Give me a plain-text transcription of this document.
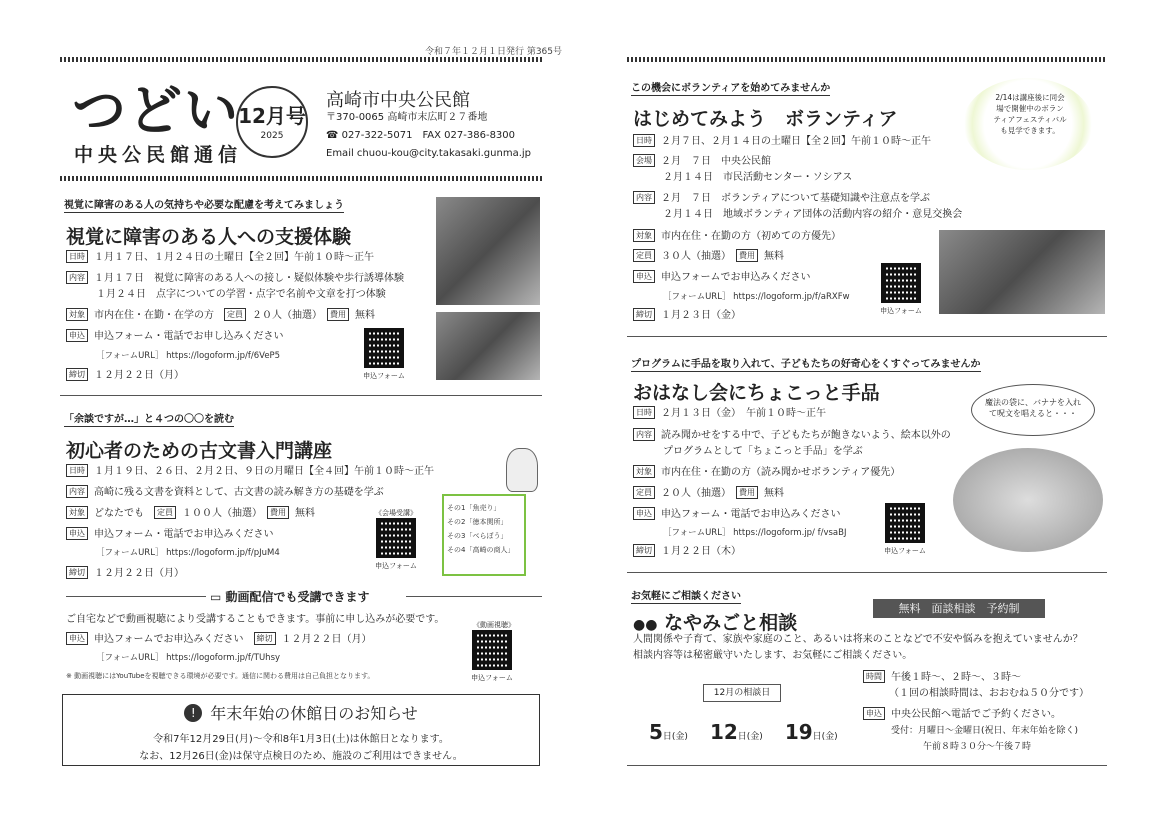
令和７年１２月１日発行 第365号
つどい
中央公民館通信
12月号
2025
高崎市中央公民館
〒370-0065 高崎市末広町２７番地
☎ 027-322-5071　FAX 027-386-8300
Email chuou-kou@city.takasaki.gunma.jp
視覚に障害のある人の気持ちや必要な配慮を考えてみましょう
視覚に障害のある人への支援体験
日時 １月１７日、１月２４日の土曜日【全２回】午前１０時～正午
内容 １月１７日　視覚に障害のある人への接し・疑似体験や歩行誘導体験
１月２４日　点字についての学習・点字で名前や文章を打つ体験
対象 市内在住・在勤・在学の方　 定員 ２０人（抽選）　 費用 無料
申込 申込フォーム・電話でお申し込みください
［フォームURL］ https://logoform.jp/f/6VeP5
申込フォーム
締切 １２月２２日（月）
「余談ですが…」と４つの〇〇を読む
初心者のための古文書入門講座
日時 １月１９日、２６日、２月２日、９日の月曜日【全４回】午前１０時～正午
内容 高崎に残る文書を資料として、古文書の読み解き方の基礎を学ぶ
対象 どなたでも　 定員 １００人（抽選）　 費用 無料
申込 申込フォーム・電話でお申込みください
［フォームURL］ https://logoform.jp/f/pJuM4
《会場受講》
申込フォーム
その1「魚売り」
その2「徳本関所」
その3「べらぼう」
その4「高崎の商人」
締切 １２月２２日（月）
▭ 動画配信でも受講できます
ご自宅などで動画視聴により受講することもできます。事前に申し込みが必要です。
申込 申込フォームでお申込みください　 締切 １２月２２日（月）
［フォームURL］ https://logoform.jp/f/TUhsy
※ 動画視聴にはYouTubeを視聴できる環境が必要です。通信に関わる費用は自己負担となります。
《動画視聴》
申込フォーム
! 年末年始の休館日のお知らせ
令和7年12月29日(月)～令和8年1月3日(土)は休館日となります。
なお、12月26日(金)は保守点検日のため、施設のご利用はできません。
この機会にボランティアを始めてみませんか
はじめてみよう　ボランティア
2/14は講座後に同会場で開催中のボランティアフェスティバルも見学できます。
日時 ２月７日、２月１４日の土曜日【全２回】午前１０時～正午
会場 ２月　７日　中央公民館
２月１４日　市民活動センター・ソシアス
内容 ２月　７日　ボランティアについて基礎知識や注意点を学ぶ
２月１４日　地域ボランティア団体の活動内容の紹介・意見交換会
対象 市内在住・在勤の方（初めての方優先）
定員 ３０人（抽選）　 費用 無料
申込 申込フォームでお申込みください
［フォームURL］ https://logoform.jp/f/aRXFw
申込フォーム
締切 １月２３日（金）
プログラムに手品を取り入れて、子どもたちの好奇心をくすぐってみませんか
おはなし会にちょこっと手品	魔法の袋に、バナナを入れて呪文を唱えると・・・
日時 ２月１３日（金）　午前１０時～正午
内容 読み聞かせをする中で、子どもたちが飽きないよう、絵本以外の
プログラムとして「ちょこっと手品」を学ぶ
対象 市内在住・在勤の方（読み聞かせボランティア優先）
定員 ２０人（抽選）　 費用 無料
申込 申込フォーム・電話でお申込みください
［フォームURL］ https://logoform.jp/ f/vsaBJ
申込フォーム
締切 １月２２日（木）
お気軽にご相談ください
●● なやみごと相談
無料　面談相談　予約制
人間関係や子育て、家族や家庭のこと、あるいは将来のことなどで不安や悩みを抱えていませんか？
相談内容等は秘密厳守いたします、お気軽にご相談ください。
12月の相談日
5日(金) 12日(金) 19日(金)
時間 午後１時～、２時～、３時～
（１回の相談時間は、おおむね５０分です）
申込 中央公民館へ電話でご予約ください。
受付：月曜日～金曜日(祝日、年末年始を除く)
午前８時３０分～午後７時
